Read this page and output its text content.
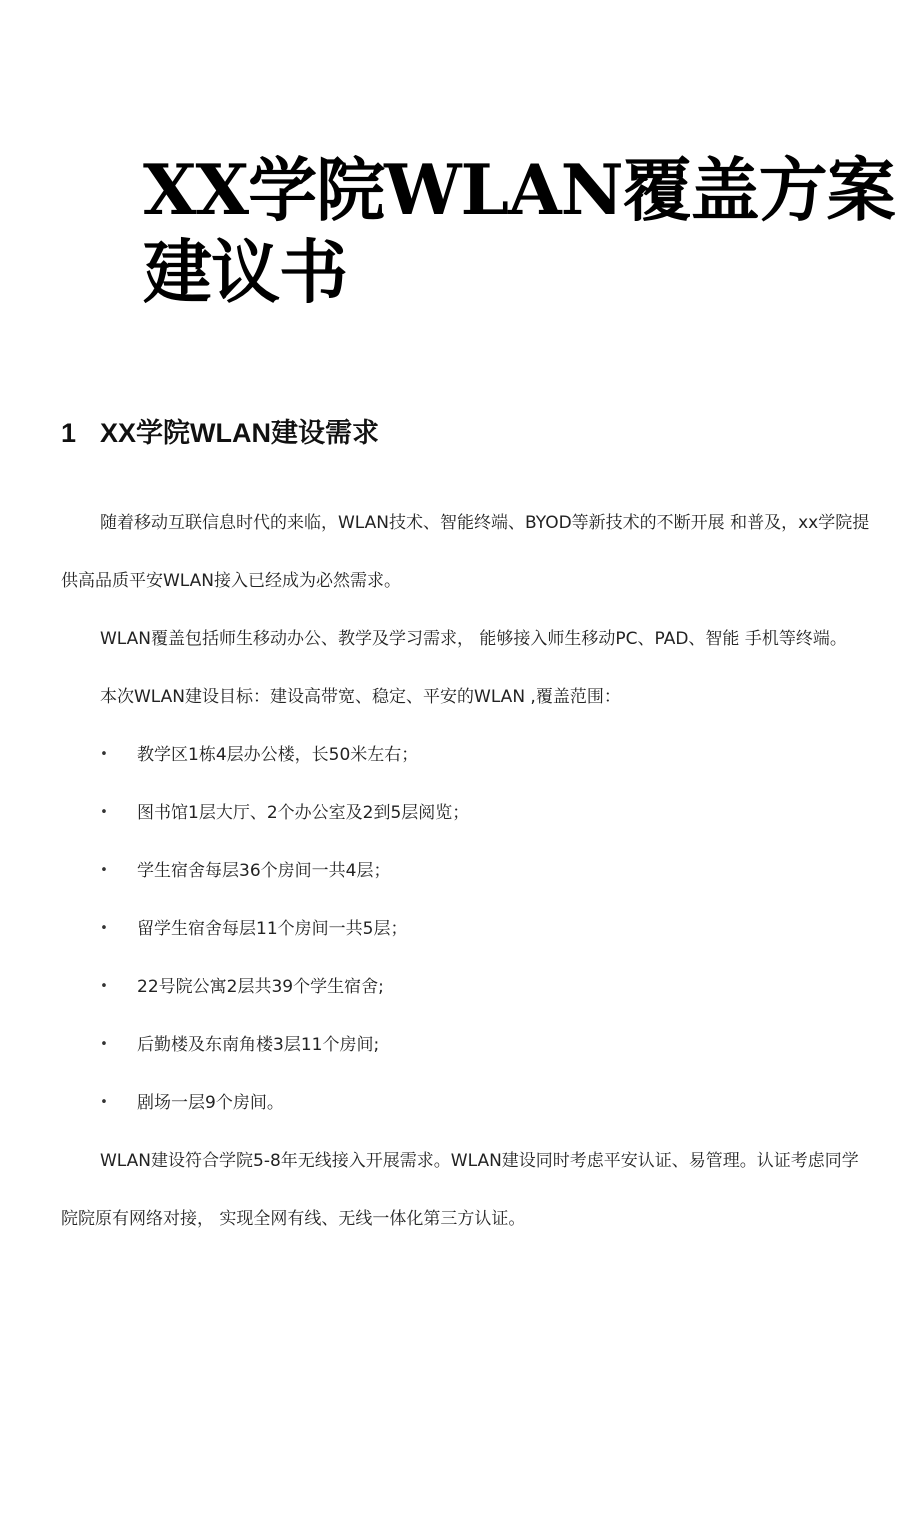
XX学院WLAN覆盖方案
建议书
1 XX学院WLAN建设需求

随着移动互联信息时代的来临，WLAN技术、智能终端、BYOD等新技术的不断开展 和普及，xx学院提供高品质平安WLAN接入已经成为必然需求。

WLAN覆盖包括师生移动办公、教学及学习需求， 能够接入师生移动PC、PAD、智能 手机等终端。

本次WLAN建设目标：建设高带宽、稳定、平安的WLAN ,覆盖范围：

• 教学区1栋4层办公楼，长50米左右；
• 图书馆1层大厅、2个办公室及2到5层阅览；
• 学生宿舍每层36个房间一共4层；
• 留学生宿舍每层11个房间一共5层；
• 22号院公寓2层共39个学生宿舍;
• 后勤楼及东南角楼3层11个房间;
• 剧场一层9个房间。

WLAN建设符合学院5-8年无线接入开展需求。WLAN建设同时考虑平安认证、易管理。认证考虑同学院院原有网络对接， 实现全网有线、无线一体化第三方认证。
